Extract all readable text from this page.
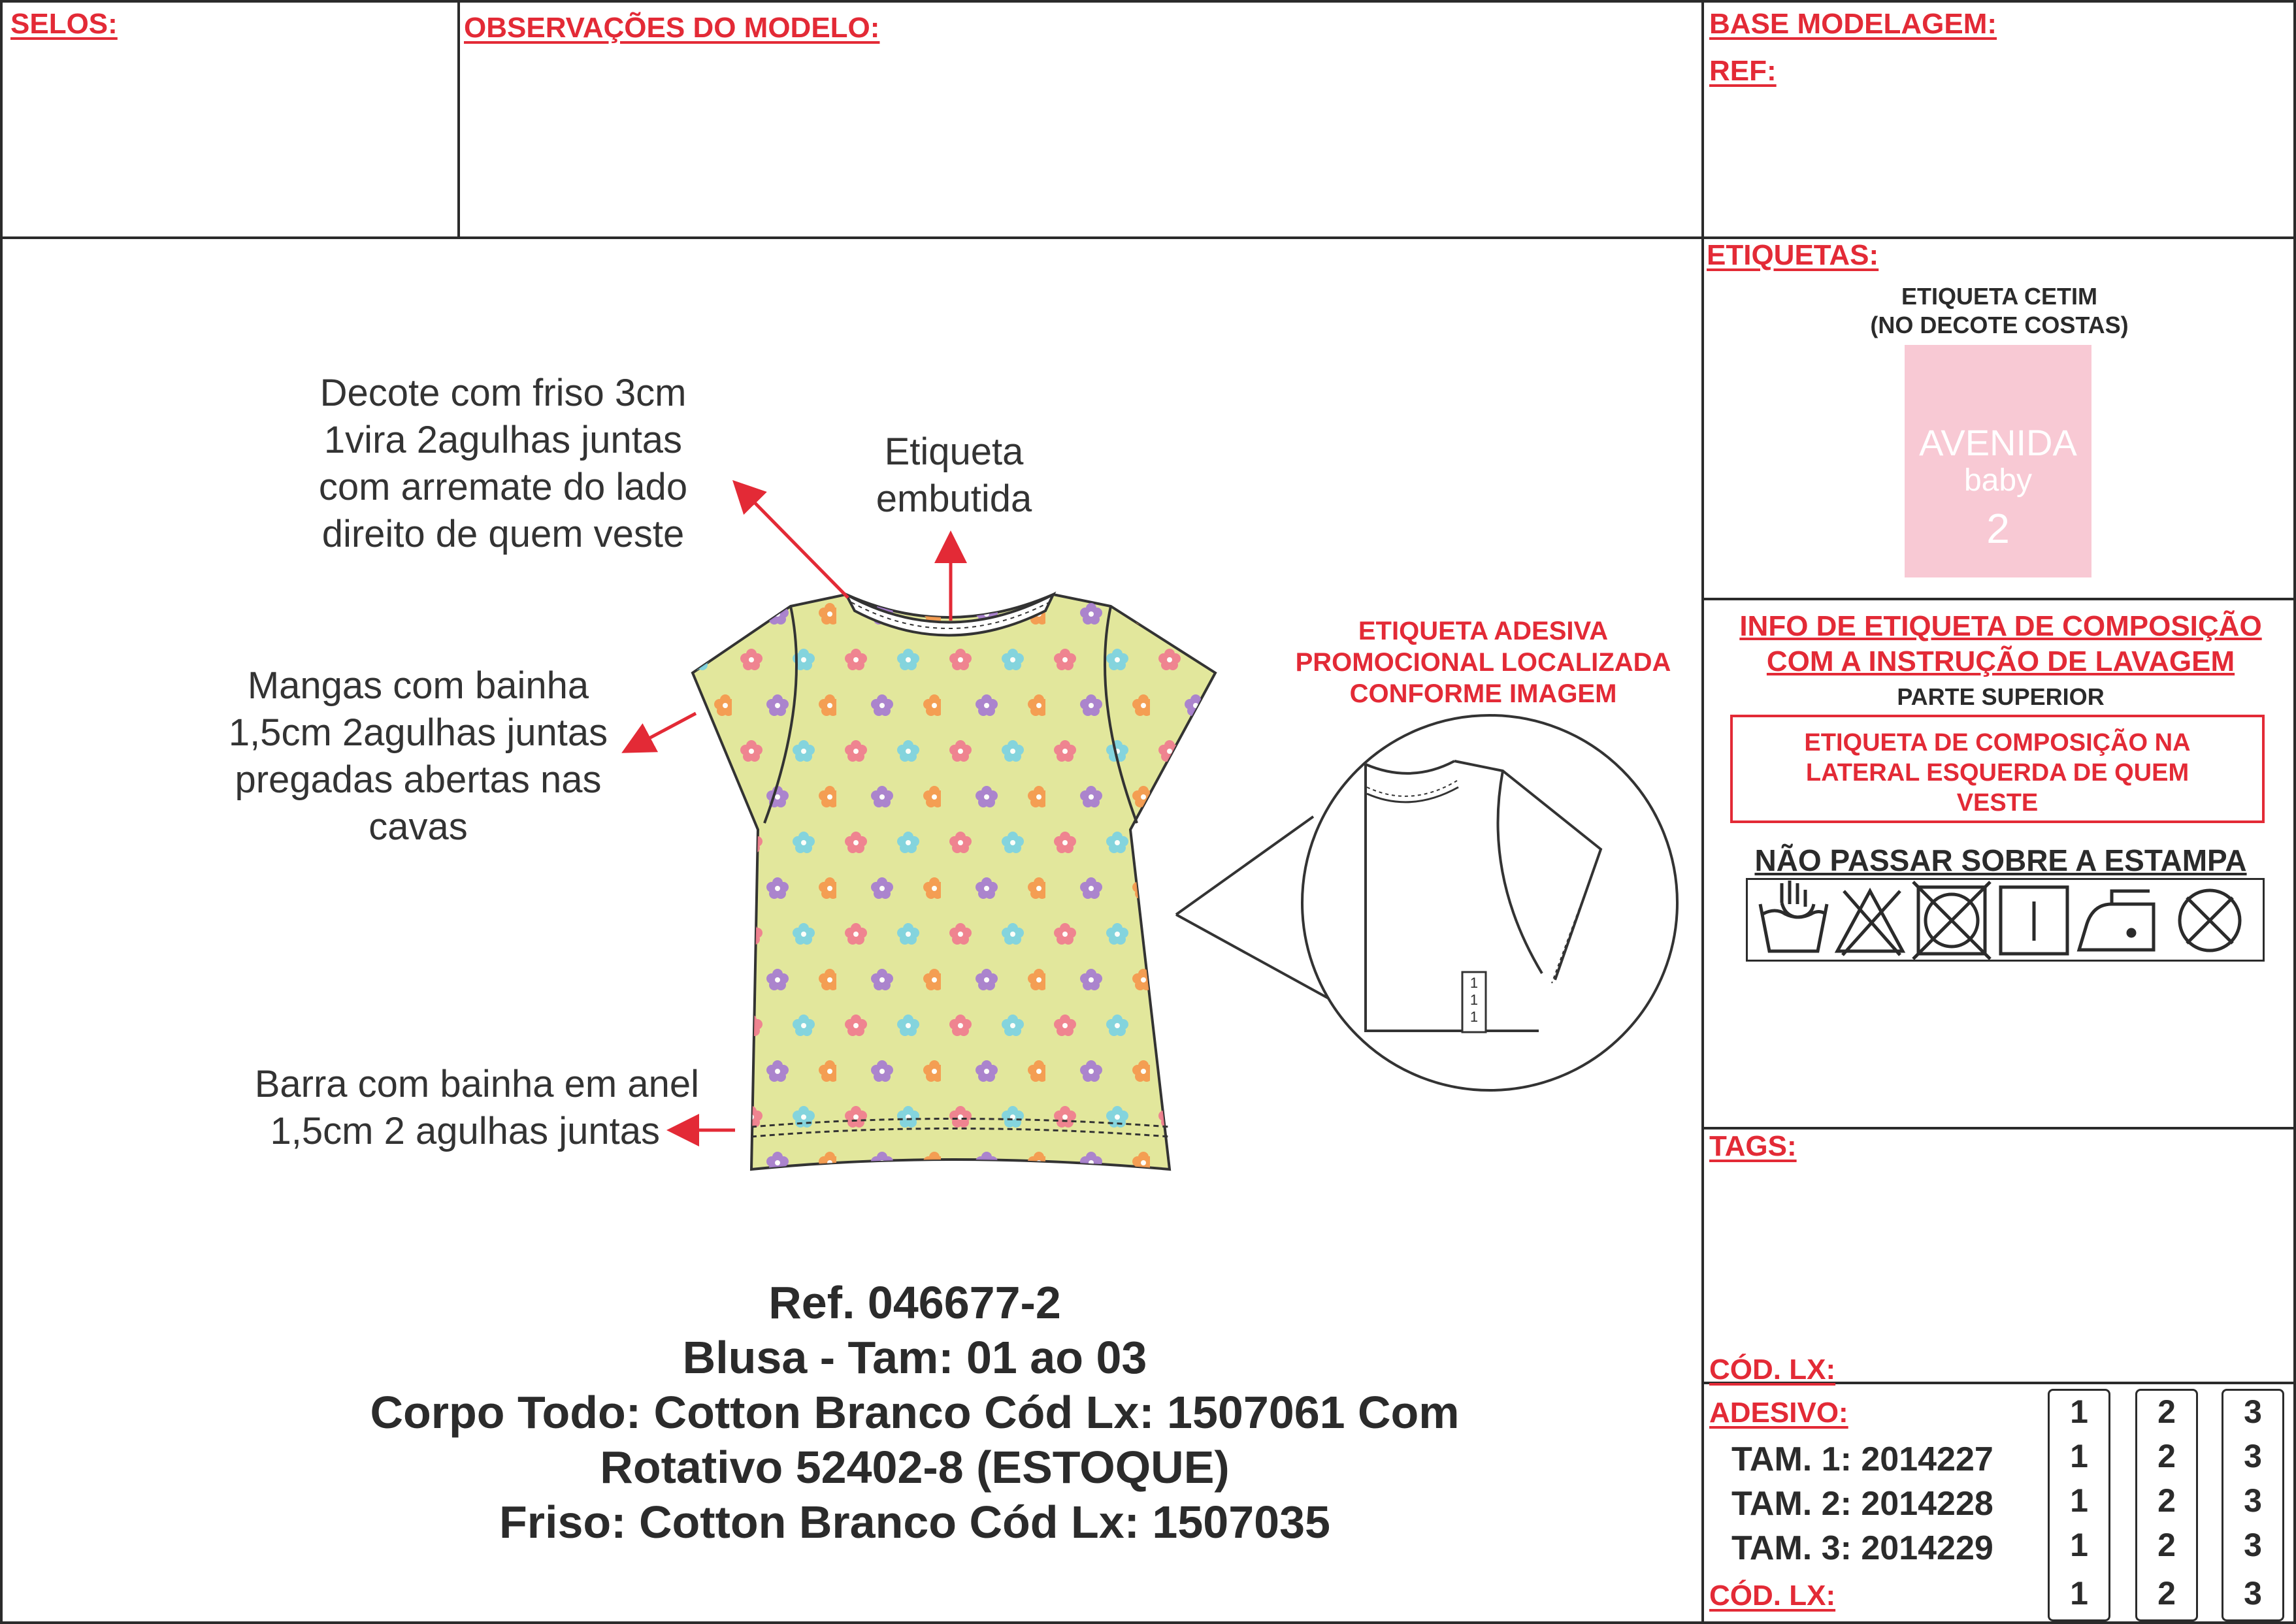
SELOS:	OBSERVAÇÕES DO MODELO:	BASE MODELAGEM:
REF:
Decote com friso 3cm
1vira 2agulhas juntas
com arremate do lado
direito de quem veste
Etiqueta
embutida
Mangas com bainha
1,5cm 2agulhas juntas
pregadas abertas nas
cavas
Barra com bainha em anel
1,5cm 2 agulhas juntas
ETIQUETA ADESIVA
PROMOCIONAL LOCALIZADA
CONFORME IMAGEM
1
1
1
Ref. 046677-2
Blusa - Tam: 01 ao 03
Corpo Todo: Cotton Branco Cód Lx: 1507061 Com
Rotativo 52402-8 (ESTOQUE)
Friso: Cotton Branco Cód Lx: 1507035
ETIQUETAS:
ETIQUETA CETIM
(NO DECOTE COSTAS)
AVENIDA
baby
2
INFO DE ETIQUETA DE COMPOSIÇÃO
COM A INSTRUÇÃO DE LAVAGEM
PARTE SUPERIOR
ETIQUETA DE COMPOSIÇÃO NA
LATERAL ESQUERDA DE QUEM
VESTE
NÃO PASSAR SOBRE A ESTAMPA
TAGS:
CÓD. LX:
ADESIVO:
TAM. 1: 2014227
TAM. 2: 2014228
TAM. 3: 2014229
CÓD. LX:
1
1
1
1
1
2
2
2
2
2
3
3
3
3
3
